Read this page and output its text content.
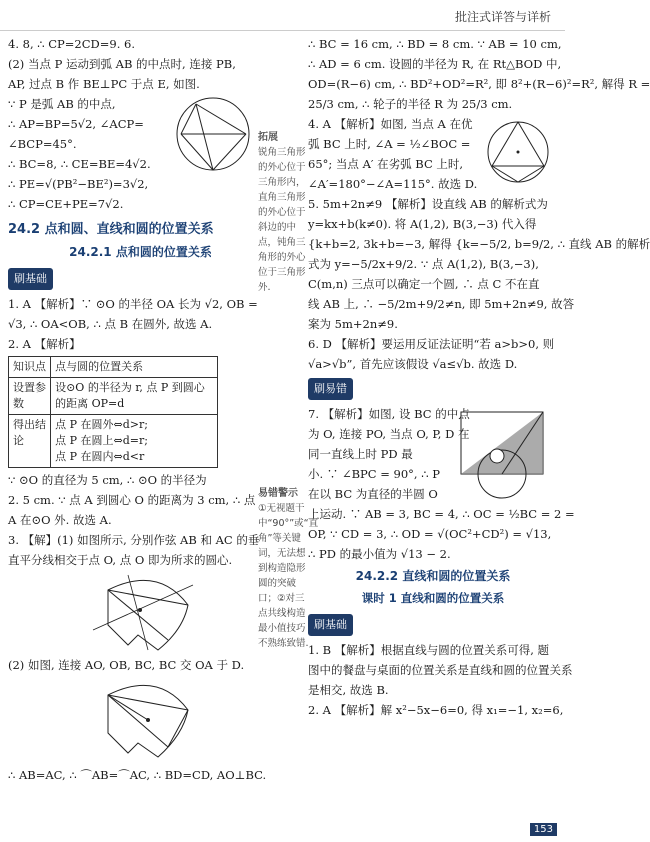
批注式详答与详析
4. 8, ∴ CP=2CD=9. 6.
(2) 当点 P 运动到弧 AB 的中点时, 连接 PB,
AP, 过点 B 作 BE⊥PC 于点 E, 如图.
∵ P 是弧 AB 的中点,
∴ AP=BP=5√2, ∠ACP=
∠BCP=45°.
∴ BC=8, ∴ CE=BE=4√2.
∴ PE=√(PB²−BE²)=3√2,
∴ CP=CE+PE=7√2.
24.2 点和圆、直线和圆的位置关系
24.2.1 点和圆的位置关系
刷基础
1. A 【解析】∵ ⊙O 的半径 OA 长为 √2, OB =
√3, ∴ OA<OB, ∴ 点 B 在圆外, 故选 A.
2. A 【解析】
知识点	点与圆的位置关系
设置参数	设⊙O 的半径为 r, 点 P 到圆心的距离 OP=d
得出结论	点 P 在圆外⇔d>r;
点 P 在圆上⇔d=r;
点 P 在圆内⇔d<r
∵ ⊙O 的直径为 5 cm, ∴ ⊙O 的半径为
2. 5 cm. ∵ 点 A 到圆心 O 的距离为 3 cm, ∴ 点
A 在⊙O 外. 故选 A.
3. 【解】(1) 如图所示, 分别作弦 AB 和 AC 的垂
直平分线相交于点 O, 点 O 即为所求的圆心.
(2) 如图, 连接 AO, OB, BC, BC 交 OA 于 D.
∴ AB=AC, ∴ ⌒AB=⌒AC, ∴ BD=CD, AO⊥BC.
拓展
锐角三角形的外心位于三角形内，直角三角形的外心位于斜边的中点，钝角三角形的外心位于三角形外.
易错警示
①无视题干中“90°”或“直角”等关键词，无法想到构造隐形圆的突破口；②对三点共线构造最小值技巧不熟练致错.
∴ BC = 16 cm, ∴ BD = 8 cm. ∵ AB = 10 cm,
∴ AD = 6 cm. 设圆的半径为 R, 在 Rt△BOD 中,
OD=(R−6) cm, ∴ BD²+OD²=R², 即 8²+(R−6)²=R², 解得 R =
25/3 cm, ∴ 轮子的半径 R 为 25/3 cm.
4. A 【解析】如图, 当点 A 在优
弧 BC 上时, ∠A = ½∠BOC =
65°; 当点 A′ 在劣弧 BC 上时,
∠A′=180°−∠A=115°. 故选 D.
5. 5m+2n≠9 【解析】设直线 AB 的解析式为
y=kx+b(k≠0). 将 A(1,2), B(3,−3) 代入得
{k+b=2, 3k+b=−3, 解得 {k=−5/2, b=9/2, ∴ 直线 AB 的解析
式为 y=−5/2x+9/2. ∵ 点 A(1,2), B(3,−3),
C(m,n) 三点可以确定一个圆, ∴ 点 C 不在直
线 AB 上, ∴ −5/2m+9/2≠n, 即 5m+2n≠9, 故答
案为 5m+2n≠9.
6. D 【解析】要运用反证法证明“若 a>b>0, 则
√a>√b”, 首先应该假设 √a≤√b. 故选 D.
刷易错
7. 【解析】如图, 设 BC 的中点
为 O, 连接 PO, 当点 O, P, D 在
同一直线上时 PD 最
小. ∵ ∠BPC = 90°, ∴ P
在以 BC 为直径的半圆 O
上运动. ∵ AB = 3, BC = 4, ∴ OC = ½BC = 2 =
OP, ∵ CD = 3, ∴ OD = √(OC²+CD²) = √13,
∴ PD 的最小值为 √13 − 2.
24.2.2 直线和圆的位置关系
课时 1 直线和圆的位置关系
刷基础
1. B 【解析】根据直线与圆的位置关系可得, 题
图中的餐盘与桌面的位置关系是直线和圆的位置关系
是相交, 故选 B.
2. A 【解析】解 x²−5x−6=0, 得 x₁=−1, x₂=6,
153
